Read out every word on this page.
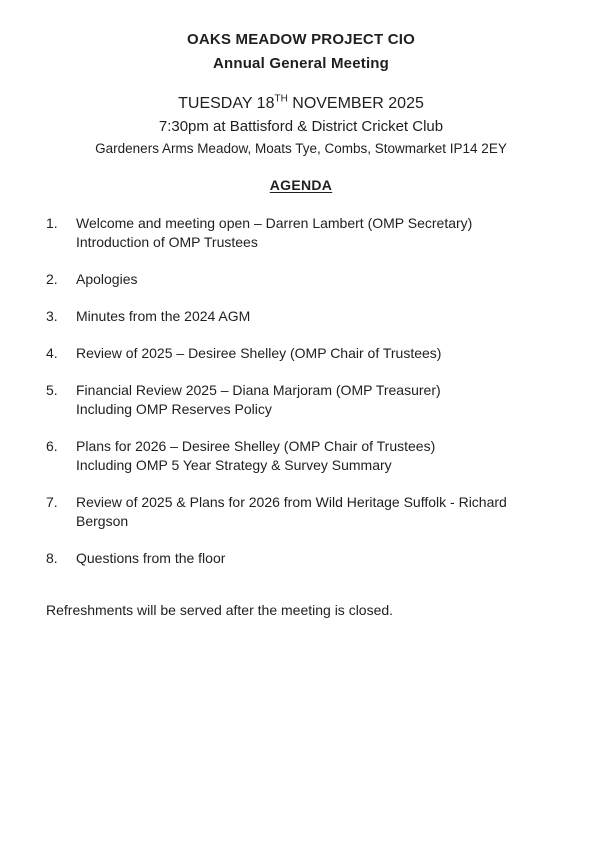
OAKS MEADOW PROJECT CIO
Annual General Meeting
TUESDAY 18TH NOVEMBER 2025
7:30pm at Battisford & District Cricket Club
Gardeners Arms Meadow, Moats Tye, Combs, Stowmarket IP14 2EY
AGENDA
1.	Welcome and meeting open – Darren Lambert (OMP Secretary)
Introduction of OMP Trustees
2.	Apologies
3.	Minutes from the 2024 AGM
4.	Review of 2025 – Desiree Shelley (OMP Chair of Trustees)
5.	Financial Review 2025 – Diana Marjoram (OMP Treasurer)
Including OMP Reserves Policy
6.	Plans for 2026 – Desiree Shelley (OMP Chair of Trustees)
Including OMP 5 Year Strategy & Survey Summary
7.	Review of 2025 & Plans for 2026 from Wild Heritage Suffolk - Richard
Bergson
8.	Questions from the floor
Refreshments will be served after the meeting is closed.
